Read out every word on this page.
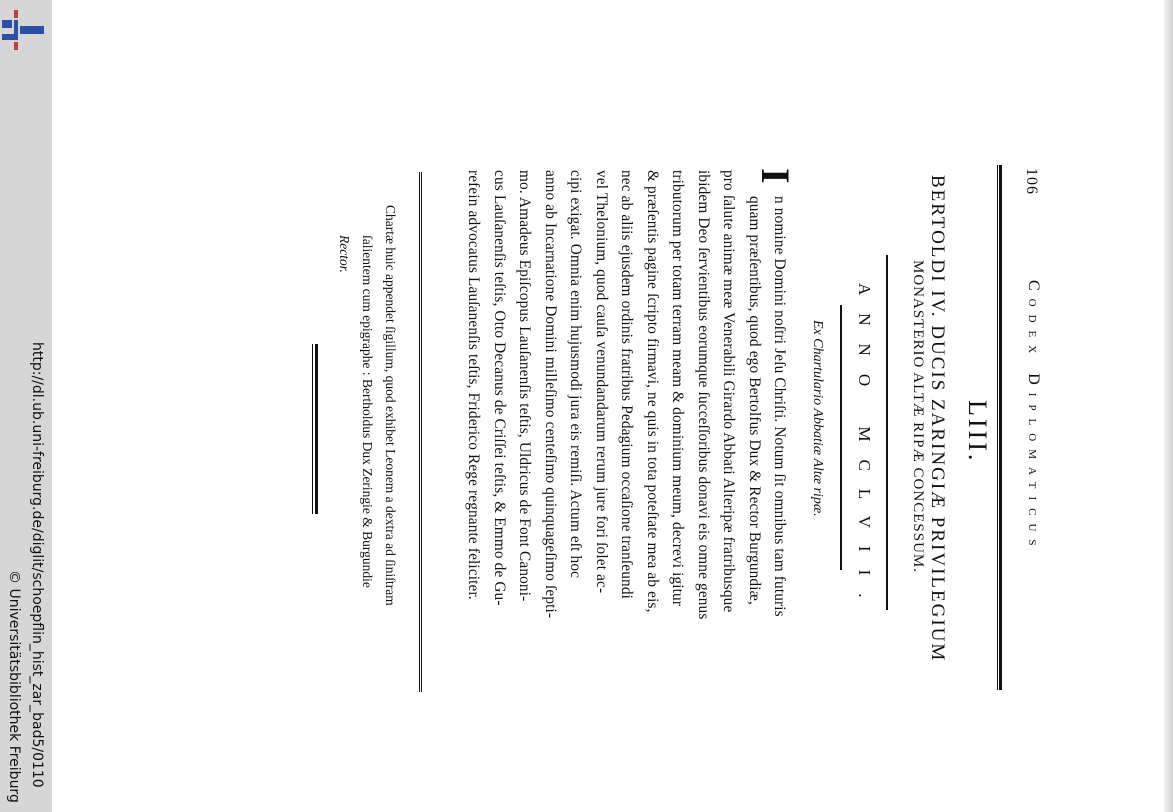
http://dl.ub.uni-freiburg.de/diglit/schoepflin_hist_zar_bad5/0110
© Universitätsbibliothek Freiburg
106
Codex Diplomaticus
LIII.
BERTOLDI IV. DUCIS ZARINGIÆ PRIVILEGIUM
MONASTERIO ALTÆ RIPÆ CONCESSUM.
ANNO MCLVII.
Ex Chartulario Abbatiæ Altæ ripæ.
I
n nomine Domini noſtri Jeſu Chriſti. Notum ſit omnibus tam futuris
quam præſentibus, quod ego Bertolfus Dux & Rector Burgundiæ,
pro ſalute animæ meæ Venerabili Girardo Abbati Alteripæ fratribusque
ibidem Deo ſervientibus eorumque ſucceſſoribus donavi eis omne genus
tributorum per totam terram meam & dominium meum, decrevi igitur
& præſentis pagine ſcripto firmavi, ne quis in tota poteſtate mea ab eis,
nec ab aliis ejusdem ordinis fratribus Pedagium occaſione tranſeundi
vel Thelonium, quod cauſa venundandarum rerum jure fori ſolet ac-
cipi exigat. Omnia enim hujusmodi jura eis remiſi. Actum eſt hoc
anno ab Incarnatione Domini milleſimo centeſimo quinquageſimo ſepti-
mo. Amadeus Epiſcopus Lauſanenſis teſtis, Uldricus de Font Canoni-
cus Lauſanenſis teſtis, Otto Decanus de Criſſei teſtis, & Emmo de Gu-
refein advocatus Lauſanenſis teſtis, Friderico Rege regnante feliciter.
Chartæ huic appendet ſigillum, quod exhibet Leonem a dextra ad ſiniſtram
ſalientem cum epigraphe : Bertholdus Dux Zeringie & Burgundie
Rector.
